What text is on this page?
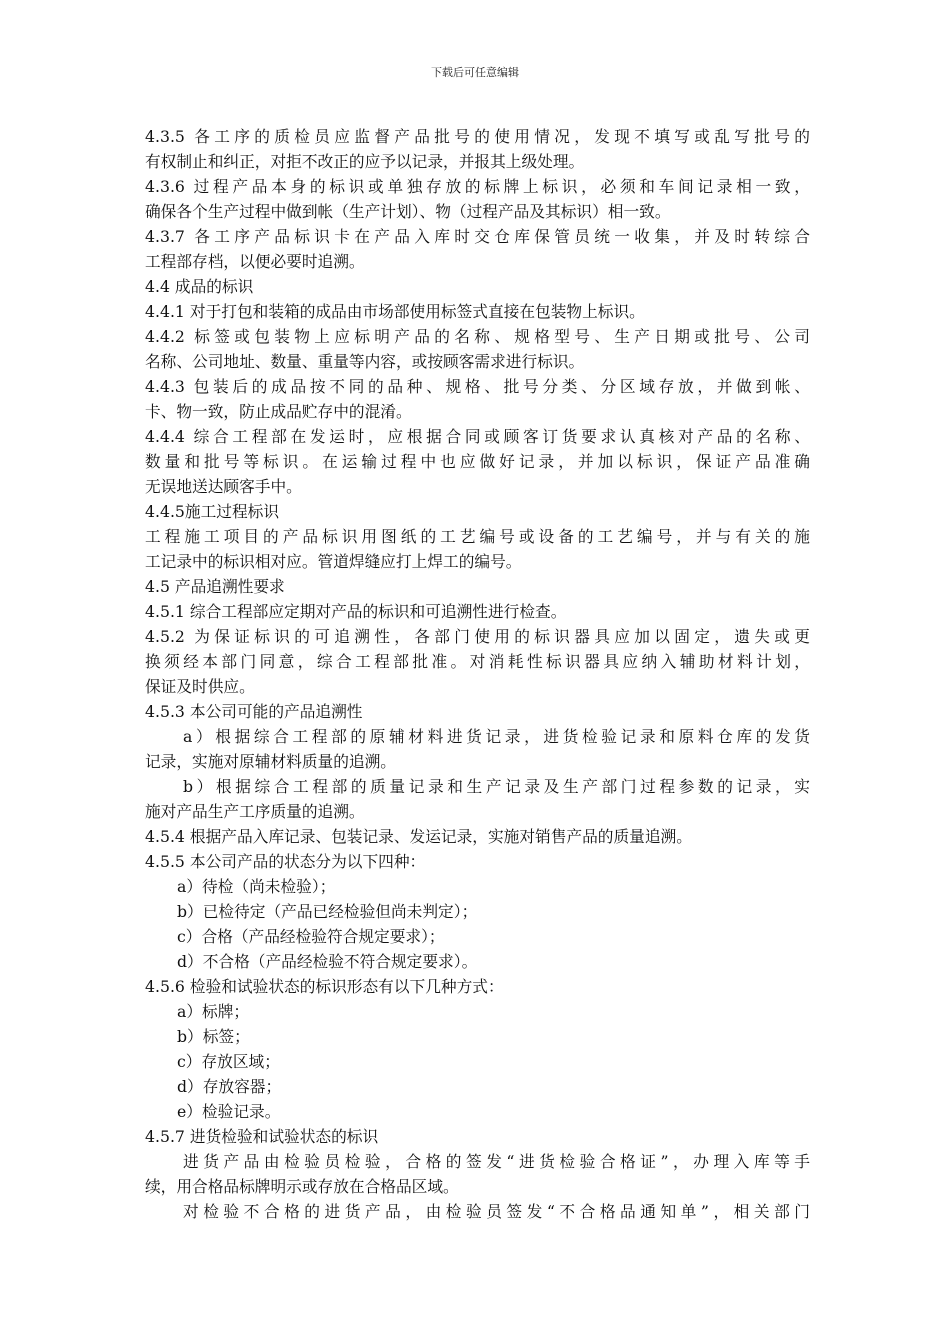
下载后可任意编辑
4.3.5 各工序的质检员应监督产品批号的使用情况，发现不填写或乱写批号的
有权制止和纠正，对拒不改正的应予以记录，并报其上级处理。
4.3.6 过程产品本身的标识或单独存放的标牌上标识，必须和车间记录相一致，
确保各个生产过程中做到帐（生产计划）、物（过程产品及其标识）相一致。
4.3.7 各工序产品标识卡在产品入库时交仓库保管员统一收集，并及时转综合
工程部存档，以便必要时追溯。
4.4 成品的标识
4.4.1 对于打包和装箱的成品由市场部使用标签式直接在包装物上标识。
4.4.2 标签或包装物上应标明产品的名称、规格型号、生产日期或批号、公司
名称、公司地址、数量、重量等内容，或按顾客需求进行标识。
4.4.3 包装后的成品按不同的品种、规格、批号分类、分区域存放，并做到帐、
卡、物一致，防止成品贮存中的混淆。
4.4.4 综合工程部在发运时，应根据合同或顾客订货要求认真核对产品的名称、
数量和批号等标识。在运输过程中也应做好记录，并加以标识，保证产品准确
无误地送达顾客手中。
4.4.5施工过程标识
工程施工项目的产品标识用图纸的工艺编号或设备的工艺编号，并与有关的施
工记录中的标识相对应。管道焊缝应打上焊工的编号。
4.5 产品追溯性要求
4.5.1 综合工程部应定期对产品的标识和可追溯性进行检查。
4.5.2 为保证标识的可追溯性，各部门使用的标识器具应加以固定，遗失或更
换须经本部门同意，综合工程部批准。对消耗性标识器具应纳入辅助材料计划，
保证及时供应。
4.5.3 本公司可能的产品追溯性
a）根据综合工程部的原辅材料进货记录，进货检验记录和原料仓库的发货
记录，实施对原辅材料质量的追溯。
b）根据综合工程部的质量记录和生产记录及生产部门过程参数的记录，实
施对产品生产工序质量的追溯。
4.5.4 根据产品入库记录、包装记录、发运记录，实施对销售产品的质量追溯。
4.5.5 本公司产品的状态分为以下四种：
a）待检（尚未检验）；
b）已检待定（产品已经检验但尚未判定）；
c）合格（产品经检验符合规定要求）；
d）不合格（产品经检验不符合规定要求）。
4.5.6 检验和试验状态的标识形态有以下几种方式：
a）标牌；
b）标签；
c）存放区域；
d）存放容器；
e）检验记录。
4.5.7 进货检验和试验状态的标识
进货产品由检验员检验，合格的签发“进货检验合格证”，办理入库等手
续，用合格品标牌明示或存放在合格品区域。
对检验不合格的进货产品，由检验员签发“不合格品通知单”，相关部门
